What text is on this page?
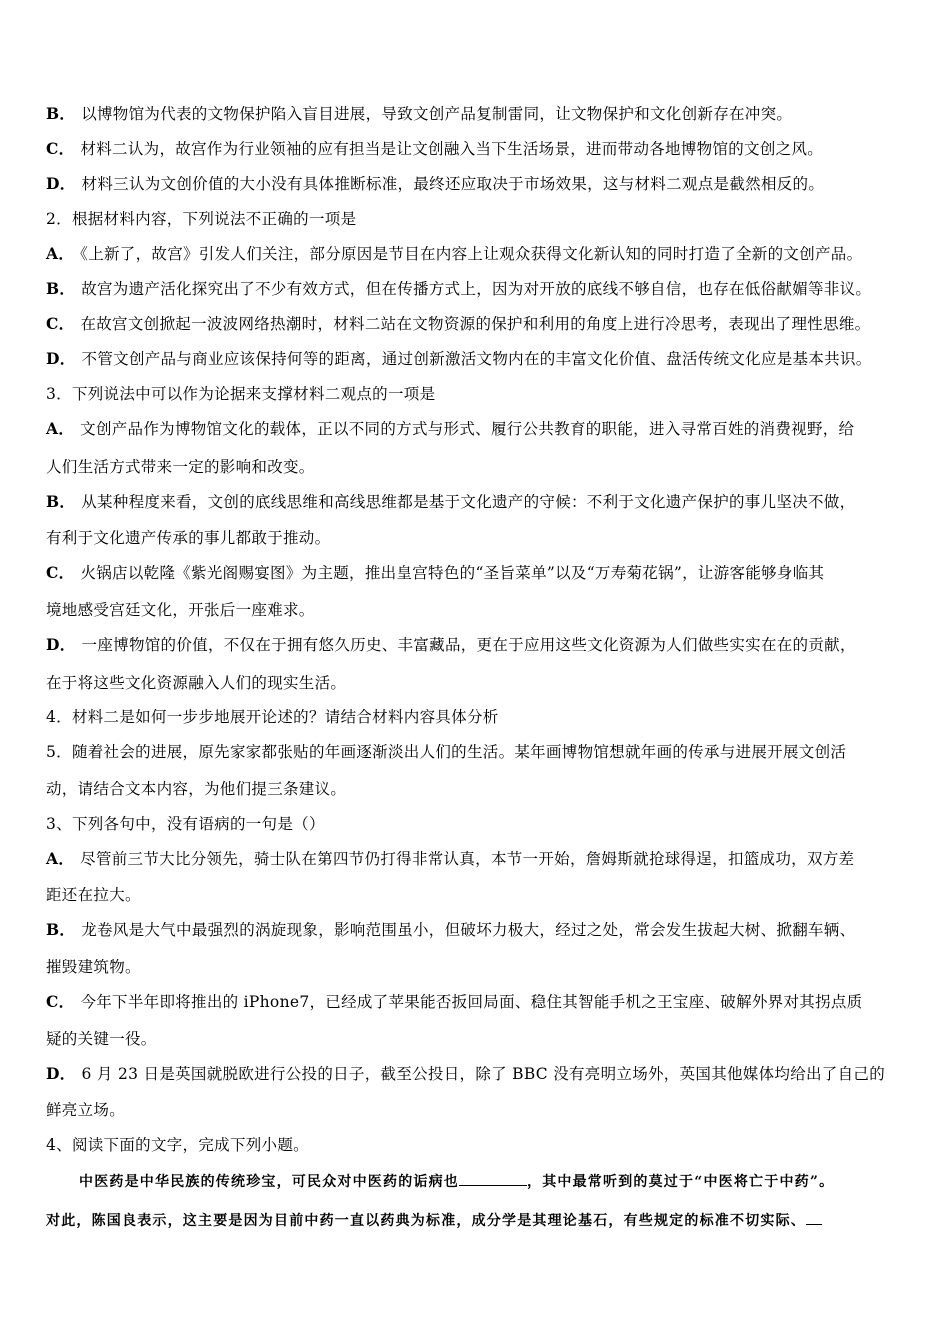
B． 以博物馆为代表的文物保护陷入盲目进展，导致文创产品复制雷同，让文物保护和文化创新存在冲突。
C． 材料二认为，故宫作为行业领袖的应有担当是让文创融入当下生活场景，进而带动各地博物馆的文创之风。
D． 材料三认为文创价值的大小没有具体推断标准，最终还应取决于市场效果，这与材料二观点是截然相反的。
2．根据材料内容，下列说法不正确的一项是
A． 《上新了，故宫》引发人们关注，部分原因是节目在内容上让观众获得文化新认知的同时打造了全新的文创产品。
B． 故宫为遗产活化探究出了不少有效方式，但在传播方式上，因为对开放的底线不够自信，也存在低俗献媚等非议。
C． 在故宫文创掀起一波波网络热潮时，材料二站在文物资源的保护和利用的角度上进行冷思考，表现出了理性思维。
D． 不管文创产品与商业应该保持何等的距离，通过创新激活文物内在的丰富文化价值、盘活传统文化应是基本共识。
3．下列说法中可以作为论据来支撑材料二观点的一项是
A． 文创产品作为博物馆文化的载体，正以不同的方式与形式、履行公共教育的职能，进入寻常百姓的消费视野，给
人们生活方式带来一定的影响和改变。
B． 从某种程度来看，文创的底线思维和高线思维都是基于文化遗产的守候：不利于文化遗产保护的事儿坚决不做，
有利于文化遗产传承的事儿都敢于推动。
C． 火锅店以乾隆《紫光阁赐宴图》为主题，推出皇宫特色的“圣旨菜单”以及“万寿菊花锅”，让游客能够身临其
境地感受宫廷文化，开张后一座难求。
D． 一座博物馆的价值，不仅在于拥有悠久历史、丰富藏品，更在于应用这些文化资源为人们做些实实在在的贡献，
在于将这些文化资源融入人们的现实生活。
4．材料二是如何一步步地展开论述的？请结合材料内容具体分析
5．随着社会的进展，原先家家都张贴的年画逐渐淡出人们的生活。某年画博物馆想就年画的传承与进展开展文创活
动，请结合文本内容，为他们提三条建议。
3、下列各句中，没有语病的一句是（）
A． 尽管前三节大比分领先，骑士队在第四节仍打得非常认真，本节一开始，詹姆斯就抢球得逞，扣篮成功，双方差
距还在拉大。
B． 龙卷风是大气中最强烈的涡旋现象，影响范围虽小，但破坏力极大，经过之处，常会发生拔起大树、掀翻车辆、
摧毁建筑物。
C． 今年下半年即将推出的 iPhone7，已经成了苹果能否扳回局面、稳住其智能手机之王宝座、破解外界对其拐点质
疑的关键一役。
D． 6 月 23 日是英国就脱欧进行公投的日子，截至公投日，除了 BBC 没有亮明立场外，英国其他媒体均给出了自己的
鲜亮立场。
4、阅读下面的文字，完成下列小题。
中医药是中华民族的传统珍宝，可民众对中医药的诟病也	，其中最常听到的莫过于“中医将亡于中药”。
对此，陈国良表示，这主要是因为目前中药一直以药典为标准，成分学是其理论基石，有些规定的标准不切实际、
